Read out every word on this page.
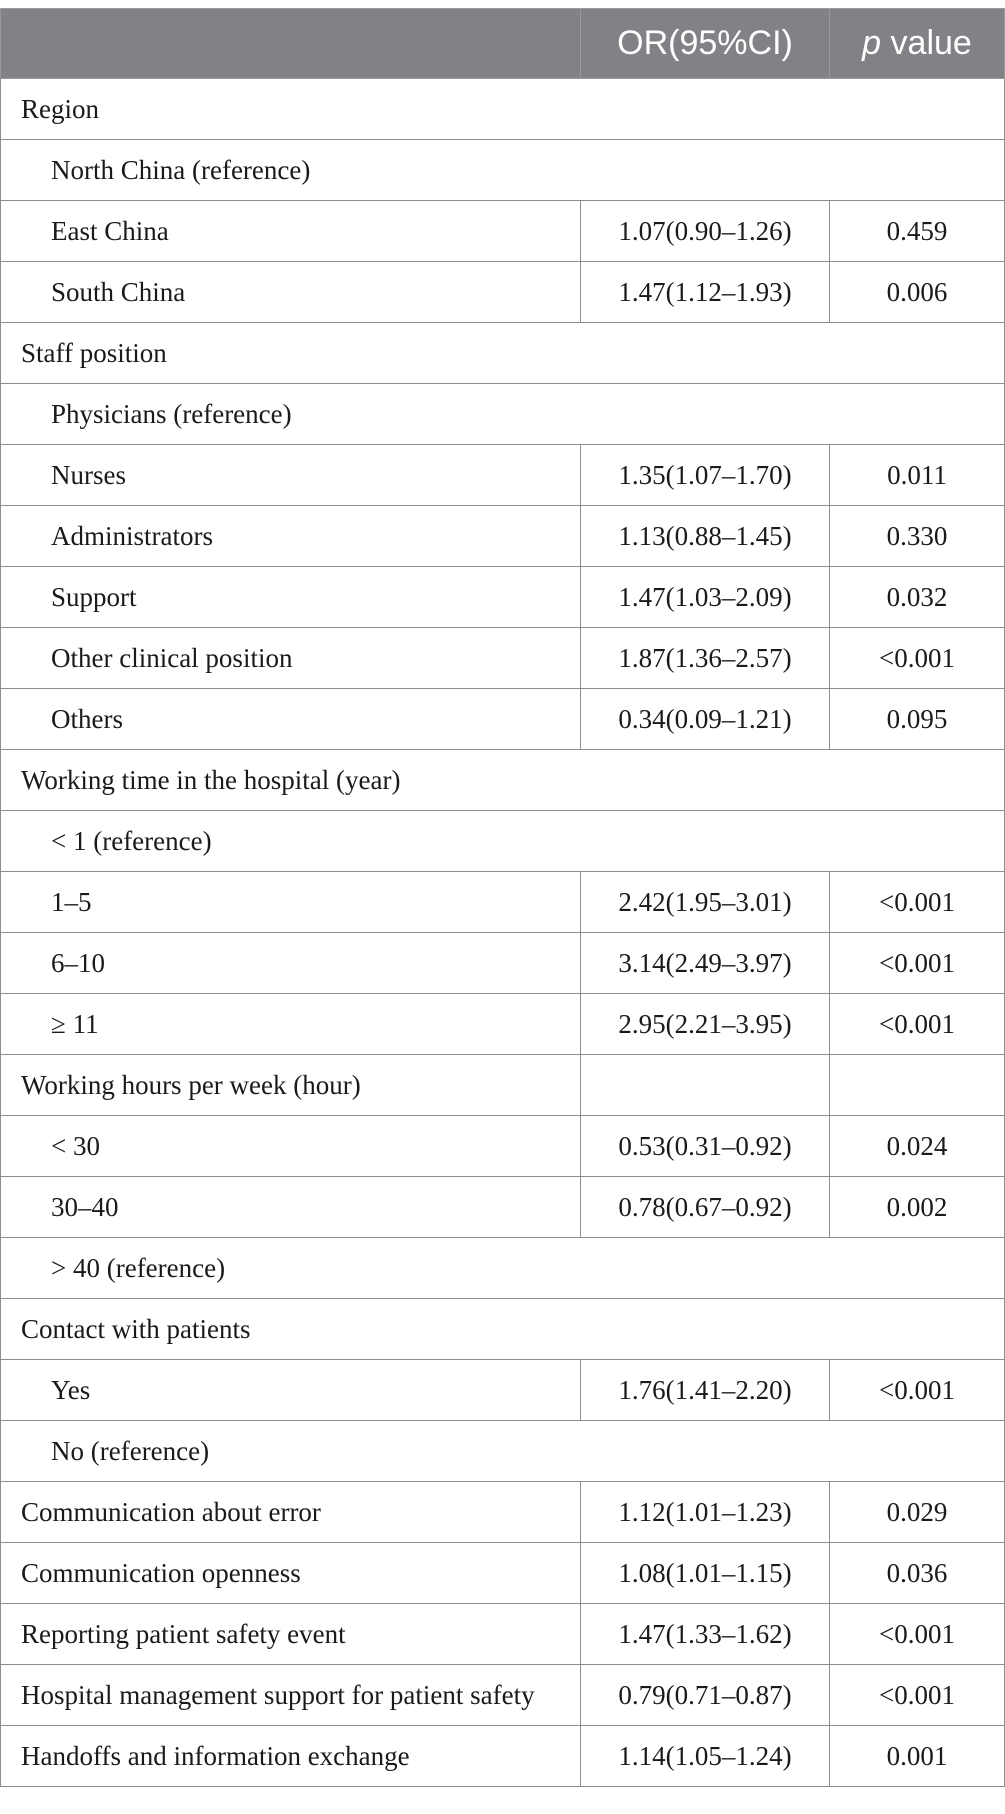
	OR(95%CI)	p value
Region		
North China (reference)		
East China	1.07(0.90–1.26)	0.459
South China	1.47(1.12–1.93)	0.006
Staff position		
Physicians (reference)		
Nurses	1.35(1.07–1.70)	0.011
Administrators	1.13(0.88–1.45)	0.330
Support	1.47(1.03–2.09)	0.032
Other clinical position	1.87(1.36–2.57)	<0.001
Others	0.34(0.09–1.21)	0.095
Working time in the hospital (year)		
< 1 (reference)		
1–5	2.42(1.95–3.01)	<0.001
6–10	3.14(2.49–3.97)	<0.001
≥ 11	2.95(2.21–3.95)	<0.001
Working hours per week (hour)		
< 30	0.53(0.31–0.92)	0.024
30–40	0.78(0.67–0.92)	0.002
> 40 (reference)		
Contact with patients		
Yes	1.76(1.41–2.20)	<0.001
No (reference)		
Communication about error	1.12(1.01–1.23)	0.029
Communication openness	1.08(1.01–1.15)	0.036
Reporting patient safety event	1.47(1.33–1.62)	<0.001
Hospital management support for patient safety	0.79(0.71–0.87)	<0.001
Handoffs and information exchange	1.14(1.05–1.24)	0.001
